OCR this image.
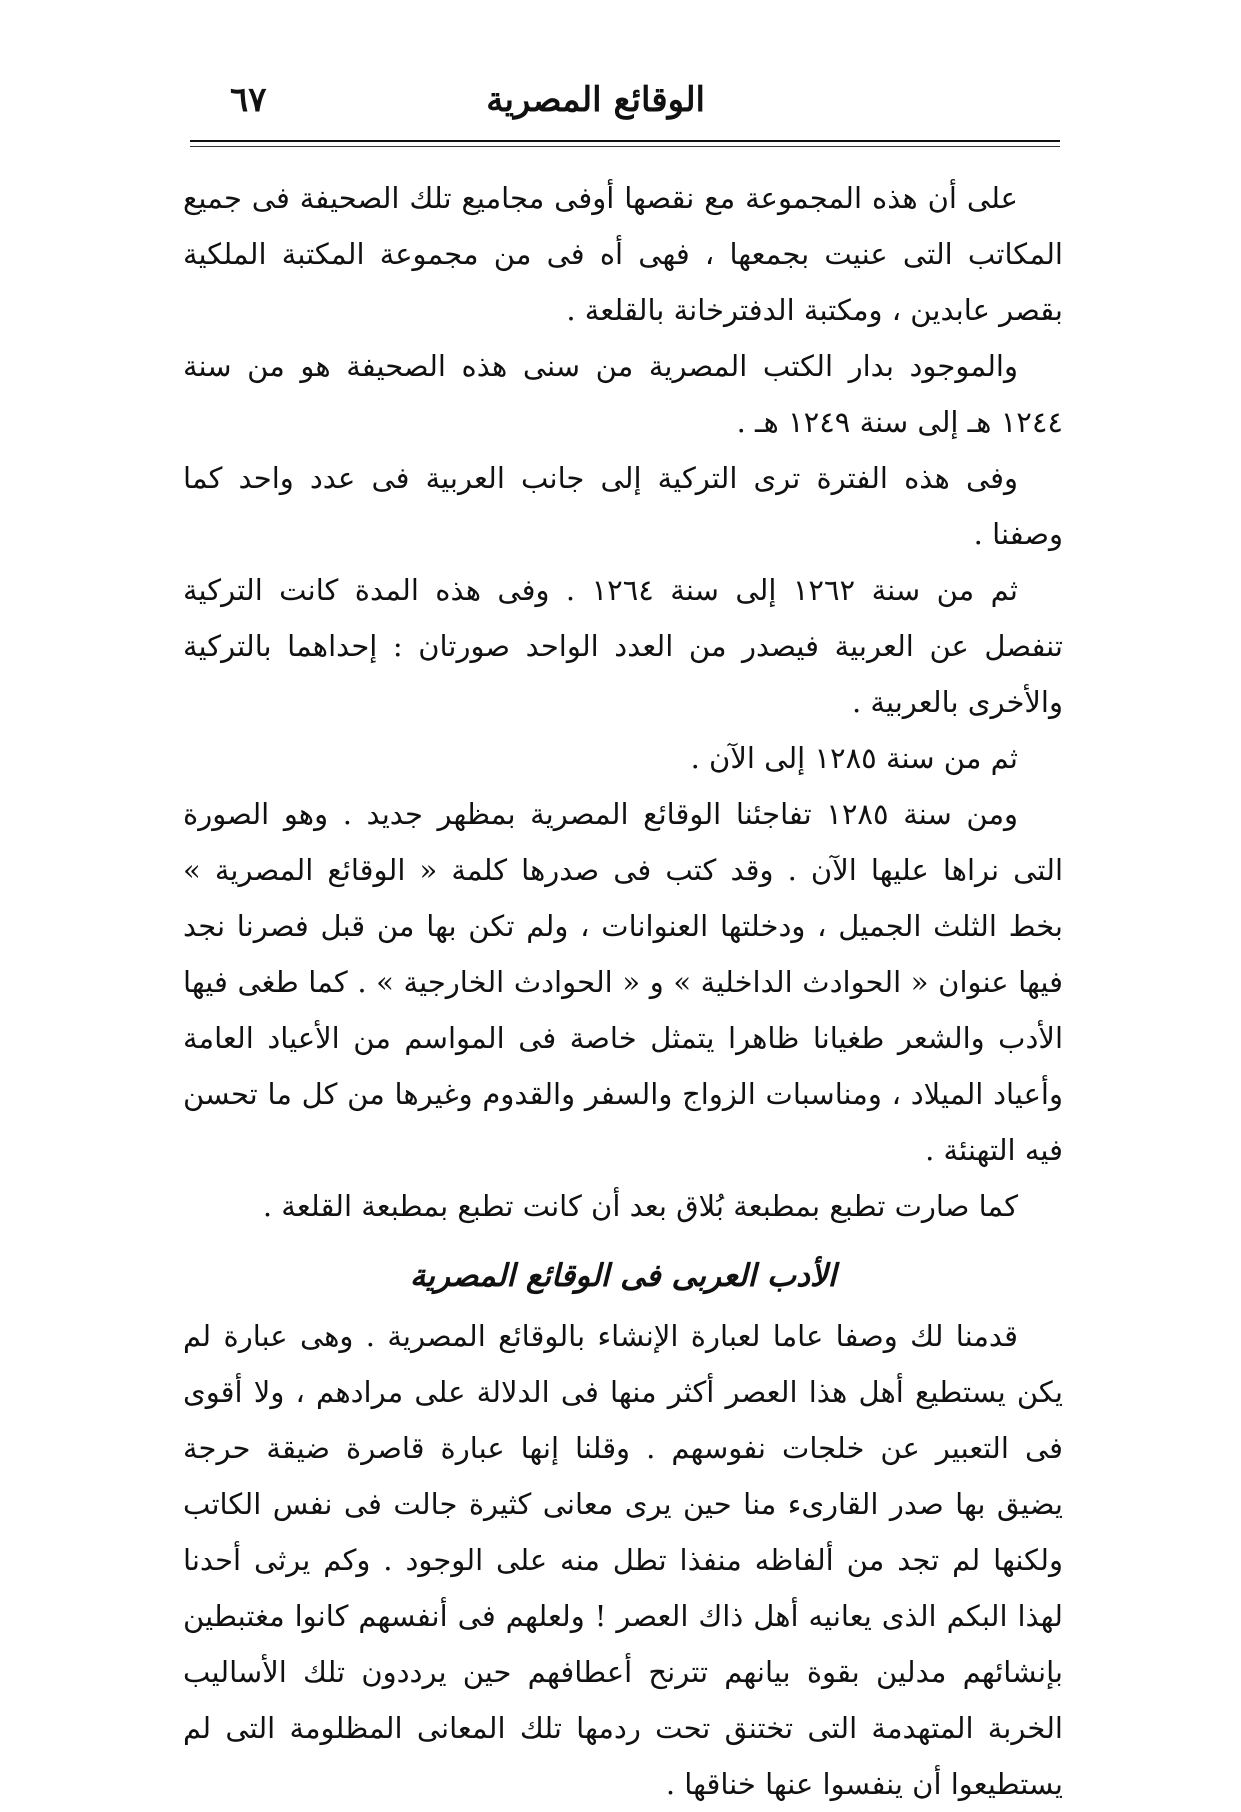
الوقائع المصرية
٦٧

على أن هذه المجموعة مع نقصها أوفى مجاميع تلك الصحيفة فى جميع المكاتب التى عنيت بجمعها ، فهى أ‌ه فى من مجموعة المكتبة الملكية بقصر عابدين ، ومكتبة الدفترخانة بالقلعة .

والموجود بدار الكتب المصرية من سنى هذه الصحيفة هو من سنة ١٢٤٤ هـ إلى سنة ١٢٤٩ هـ .

وفى هذه الفترة ترى التركية إلى جانب العربية فى عدد واحد كما وصفنا .

ثم من سنة ١٢٦٢ إلى سنة ١٢٦٤ . وفى هذه المدة كانت التركية تنفصل عن العربية فيصدر من العدد الواحد صورتان : إحداهما بالتركية والأخرى بالعربية .

ثم من سنة ١٢٨٥ إلى الآن .

ومن سنة ١٢٨٥ تفاجئنا الوقائع المصرية بمظهر جديد . وهو الصورة التى نراها عليها الآن . وقد كتب فى صدرها كلمة « الوقائع المصرية » بخط الثلث الجميل ، ودخلتها العنوانات ، ولم تكن بها من قبل فصرنا نجد فيها عنوان « الحوادث الداخلية » و « الحوادث الخارجية » . كما طغى فيها الأدب والشعر طغيانا ظاهرا يتمثل خاصة فى المواسم من الأعياد العامة وأعياد الميلاد ، ومناسبات الزواج والسفر والقدوم وغيرها من كل ما تحسن فيه التهنئة .

كما صارت تطبع بمطبعة بُلاق بعد أن كانت تطبع بمطبعة القلعة .

الأدب العربى فى الوقائع المصرية

قدمنا لك وصفا عاما لعبارة الإنشاء بالوقائع المصرية . وهى عبارة لم يكن يستطيع أهل هذا العصر أكثر منها فى الدلالة على مرادهم ، ولا أقوى فى التعبير عن خلجات نفوسهم . وقلنا إنها عبارة قاصرة ضيقة حرجة يضيق بها صدر القارىء منا حين يرى معانى كثيرة جالت فى نفس الكاتب ولكنها لم تجد من ألفاظه منفذا تطل منه على الوجود . وكم يرثى أحدنا لهذا البكم الذى يعانيه أهل ذاك العصر ! ولعلهم فى أنفسهم كانوا مغتبطين بإنشائهم مدلين بقوة بيانهم تترنح أعطافهم حين يرددون تلك الأساليب الخربة المتهدمة التى تختنق تحت ردمها تلك المعانى المظلومة التى لم يستطيعوا أن ينفسوا عنها خناقها .
